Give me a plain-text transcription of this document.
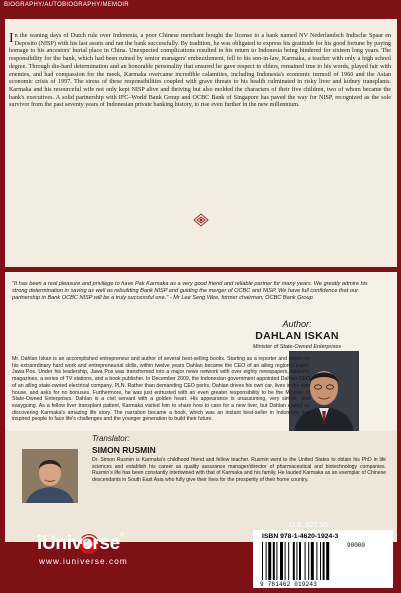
BIOGRAPHY/AUTOBIOGRAPHY/MEMOIR

In the waning days of Dutch rule over Indonesia, a poor Chinese merchant bought the license to a bank named NV Nederlandsch Indische Spaar en Deposito (NISP) with his last assets and ran the bank successfully. By tradition, he was obligated to express his gratitude for his good fortune by paying homage to his ancestors' burial place in China. Unexpected complications resulted in his return to Indonesia being hindered for sixteen long years. The responsibility for the bank, which had been ruined by senior managers' embezzlement, fell to his son-in-law, Karmaka, a teacher with only a high school degree. Through die-hard determination and an honorable personality that ensured he gave respect to elders, remained true to his words, played fair with enemies, and had compassion for the meek, Karmaka overcame incredible calamities, including Indonesia's economic turmoil of 1960 and the Asian economic crisis of 1997. The stress of these responsibilities coupled with grave threats to his health culminated in risky liver and kidney transplants. Karmaka and his resourceful wife not only kept NISP alive and thriving but also molded the characters of their five children, two of whom became the bank's executives. A solid partnership with IFC–World Bank Group and OCBC Bank of Singapore has paved the way for NISP, recognized as the sole survivor from the past seventy years of Indonesian private banking history, to rise even further in the new millennium.

"It has been a real pleasure and privilege to have Pak Karmaka as a very good friend and reliable partner for many years. We greatly admire his strong determination in saving as well as rebuilding Bank NISP and guiding the merger of OCBC and NISP. We have full confidence that our partnership in Bank OCBC NISP will be a truly successful one." - Mr Lee Seng Wee, former chairman, OCBC Bank Group

Author:
DAHLAN ISKAN
Minister of State-Owned Enterprises

Mr. Dahlan Iskan is an accomplished entrepreneur and author of several best-selling books. Starting as a reporter and driven by his extraordinary hard work and entrepreneurial skills, within twelve years Dahlan became the CEO of an ailing regional paper, Jawa Pos. Under his leadership, Jawa Pos was transformed into a major news network with over eighty newspapers, tabloids, magazines, a series of TV stations, and a book publisher. In December 2009, the Indonesian government appointed Dahlan CEO of an ailing state-owned electrical company, PLN. Rather than demanding CEO perks, Dahlan drives his own car, lives in his own house, and asks for no bonuses. Furthermore, he was just entrusted with an even greater responsibility to be the Minister of State-Owned Enterprises. Dahlan is a civil servant with a golden heart. His appearance is unassuming, very simple, and easygoing. As a fellow liver transplant patient, Karmaka visited him to share how to care for a new liver, but Dahlan ended up discovering Karmaka's amazing life story. The narration became a book, which was an instant best-seller in Indonesia that inspired people to face life's challenges and the younger generation to build their future.

Translator:
SIMON RUSMIN

Dr. Simon Rusmin is Karmaka's childhood friend and fellow teacher. Rusmin went to the United States to obtain his PhD in life sciences and establish his career as quality assurance manager/director of pharmaceutical and biotechnology companies. Rusmin's life has been constantly intertwined with that of Karmaka and his family. He lauded Karmaka as an exemplar of Chinese descendants in South East Asia who fully give their lives for the prosperity of their home country.

iUniverse®
www.iuniverse.com
U.S. $27.95
ISBN 978-1-4620-1924-3
90000
9 781462 019243
